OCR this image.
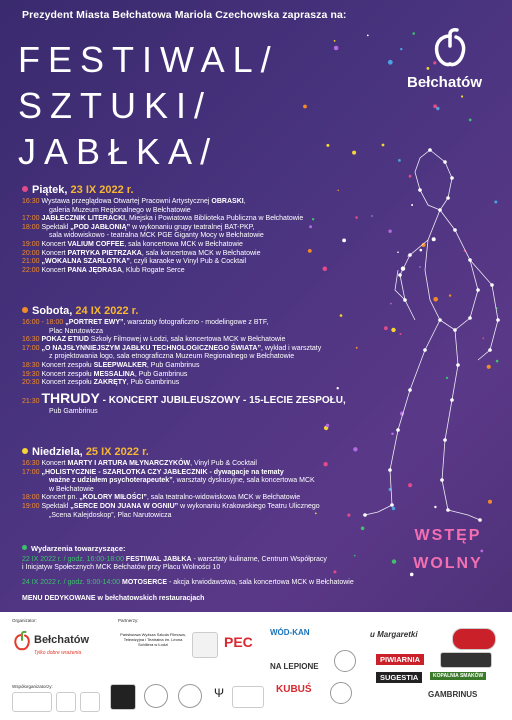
Prezydent Miasta Bełchatowa Mariola Czechowska zaprasza na:
FESTIWAL/
SZTUKI/
JABŁKA/
Bełchatów
Piątek, 23 IX 2022 r.
16:30 Wystawa przeglądowa Otwartej Pracowni Artystycznej OBRASKI,
galeria Muzeum Regionalnego w Bełchatowie
17:00 JABŁECZNIK LITERACKI, Miejska i Powiatowa Biblioteka Publiczna w Bełchatowie
18:00 Spektakl „POD JABŁONIĄ” w wykonaniu grupy teatralnej BAT-PKP,
sala widowiskowo - teatralna MCK PGE Giganty Mocy w Bełchatowie
19:00 Koncert VALIUM COFFEE, sala koncertowa MCK w Bełchatowie
20:00 Koncert PATRYKA PIETRZAKA, sala koncertowa MCK w Bełchatowie
21:00 „WOKALNA SZARLOTKA”, czyli karaoke w Vinyl Pub & Cocktail
22:00 Koncert PANA JĘDRASA, Klub Rogate Serce
Sobota, 24 IX 2022 r.
16:00 - 18:00 „PORTRET EWY”, warsztaty fotograficzno - modelingowe z BTF,
Plac Narutowicza
16:30 POKAZ ETIUD Szkoły Filmowej w Łodzi, sala koncertowa MCK w Bełchatowie
17:00 „O NAJSŁYNNIEJSZYM JABŁKU TECHNOLOGICZNEGO ŚWIATA”, wykład i warsztaty
z projektowania logo, sala etnograficzna Muzeum Regionalnego w Bełchatowie
18:30 Koncert zespołu SLEEPWALKER, Pub Gambrinus
19:30 Koncert zespołu MESSALINA, Pub Gambrinus
20:30 Koncert zespołu ZAKRĘTY, Pub Gambrinus
21:30 THRUDY - KONCERT JUBILEUSZOWY - 15-LECIE ZESPOŁU,
Pub Gambrinus
Niedziela, 25 IX 2022 r.
16:30 Koncert MARTY I ARTURA MŁYNARCZYKÓW, Vinyl Pub & Cocktail
17:00 „HOLISTYCZNIE - SZARLOTKA CZY JABŁECZNIK - dywagacje na tematy
ważne z udziałem psychoterapeutek”, warsztaty dyskusyjne, sala koncertowa MCK
w Bełchatowie
18:00 Koncert pn. „KOLORY MIŁOŚCI”, sala teatralno-widowiskowa MCK w Bełchatowie
19:00 Spektakl „SERCE DON JUANA W OGNIU” w wykonaniu Krakowskiego Teatru Ulicznego
„Scena Kalejdoskop”, Plac Narutowicza
Wydarzenia towarzyszące:
22 IX 2022 r. / godz. 16:00-18:00 FESTIWAL JABŁKA - warsztaty kulinarne, Centrum Współpracy
i Inicjatyw Społecznych MCK Bełchatów przy Placu Wolności 10
24 IX 2022 r. / godz. 9:00-14:00 MOTOSERCE - akcja krwiodawstwa, sala koncertowa MCK w Bełchatowie
MENU DEDYKOWANE w bełchatowskich restauracjach
WSTĘP
WOLNY
Organizator:	Partnerzy:
Współorganizatorzy:
Bełchatów
Tylko dobre wrażenia
Państwowa Wyższa Szkoła Filmowa, Telewizyjna i Teatralna im. Leona Schillera w Łodzi	PEC
WÓD-KAN
NA LEPIONE
u Margaretki
PIWIARNIA
SUGESTIA	KOPALNIA SMAKÓW
GAMBRINUS
KUBUŚ
Ψ
